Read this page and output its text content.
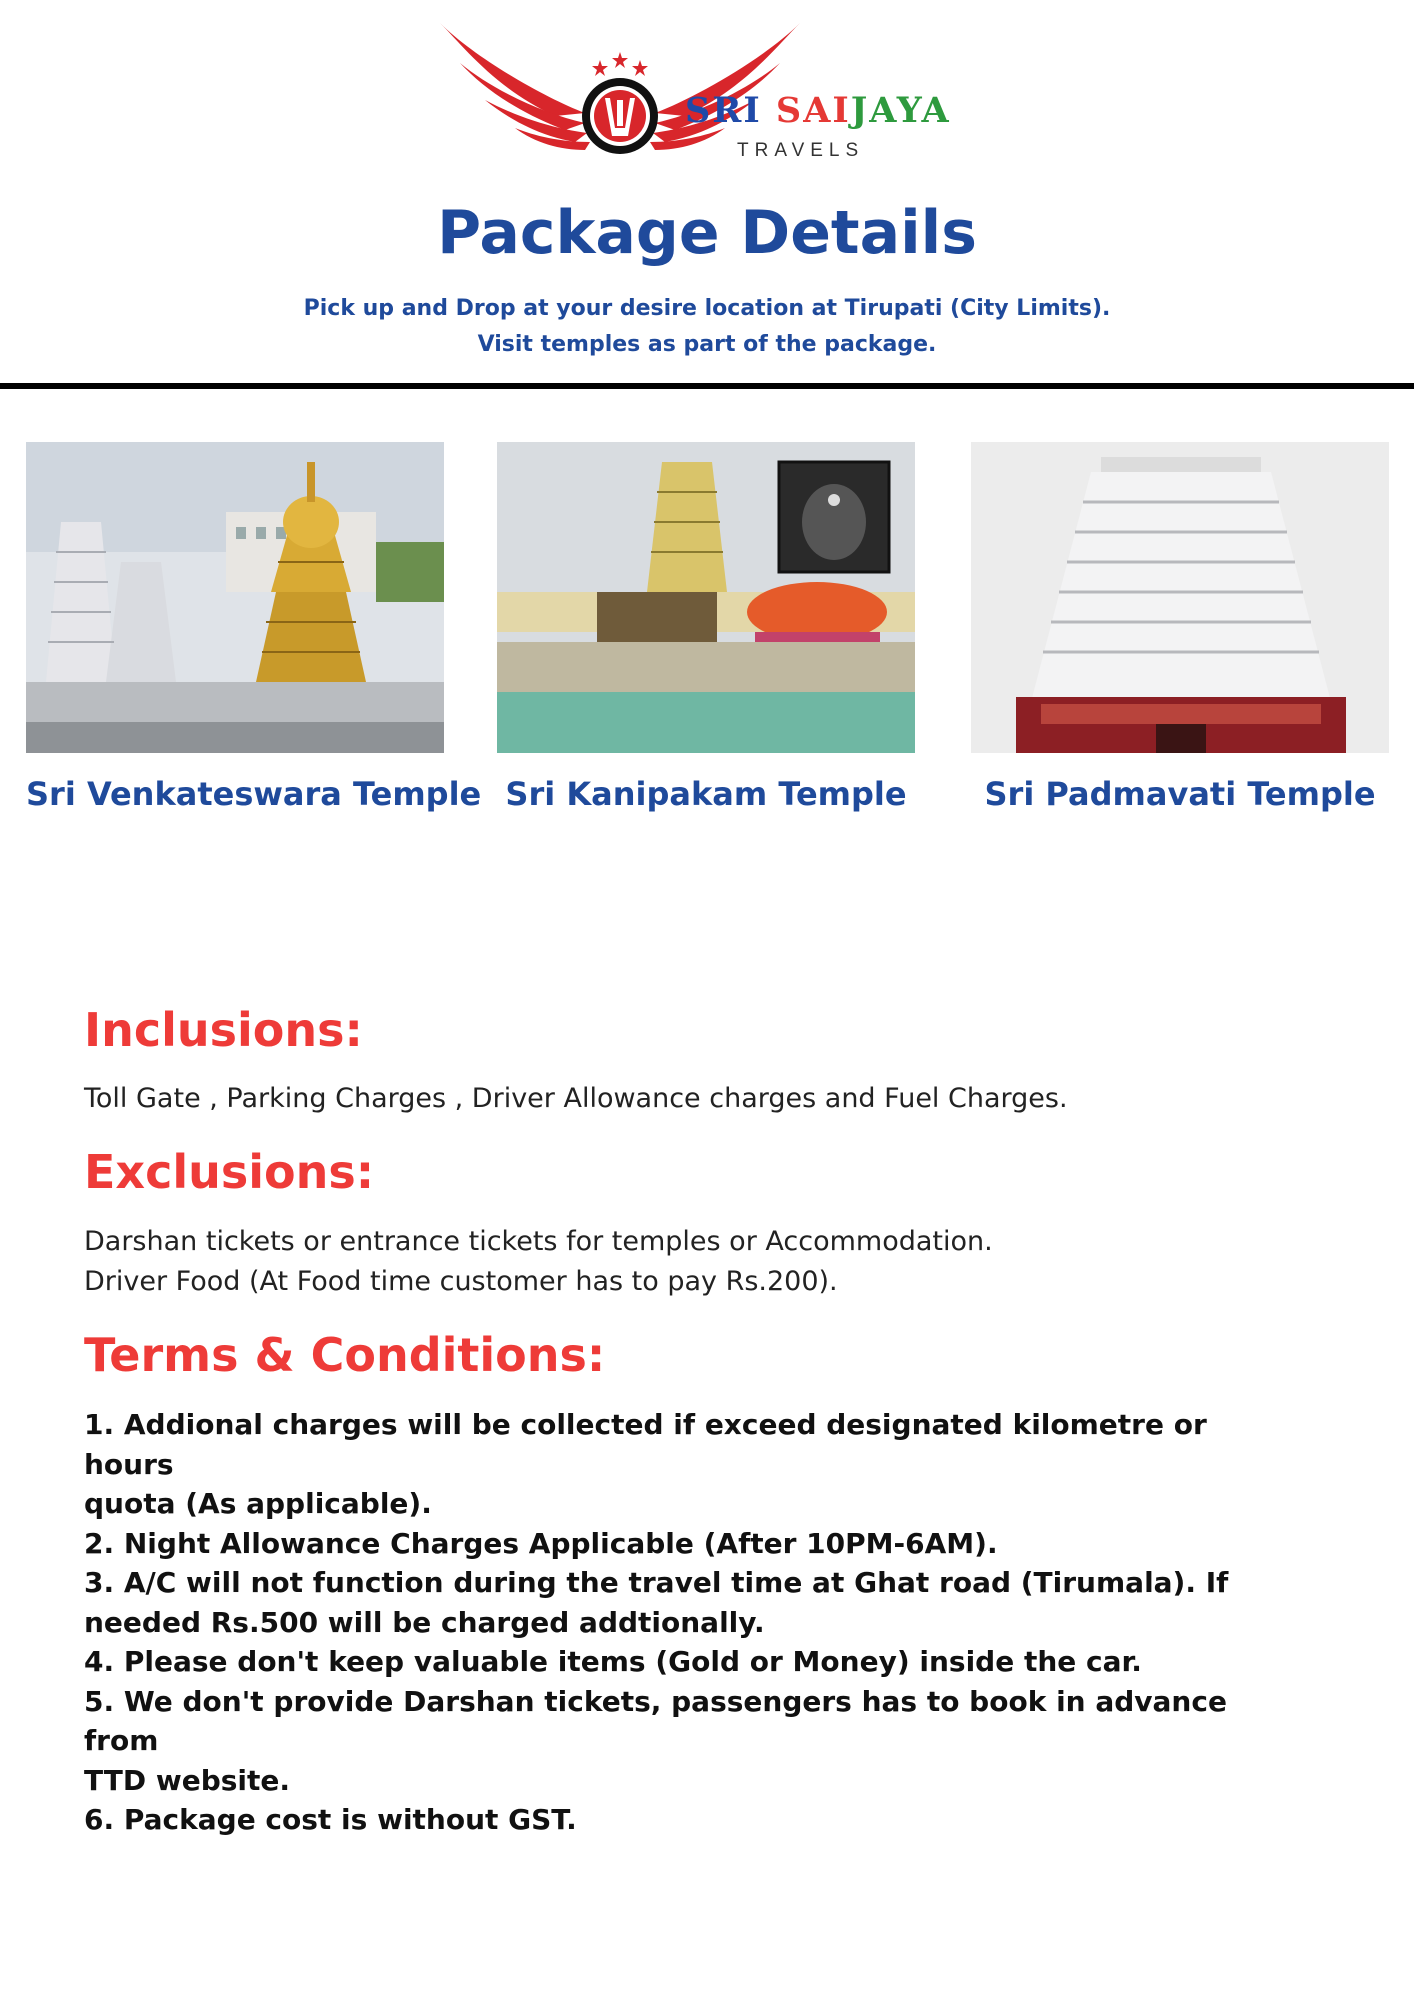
SRI SAIJAYA
TRAVELS
Package Details
Pick up and Drop at your desire location at Tirupati (City Limits).
Visit temples as part of the package.
Sri Venkateswara Temple Sri Kanipakam Temple	Sri Padmavati Temple
Inclusions:
Toll Gate , Parking Charges , Driver Allowance charges and Fuel Charges.
Exclusions:
Darshan tickets or entrance tickets for temples or Accommodation.
Driver Food (At Food time customer has to pay Rs.200).
Terms & Conditions:
1. Addional charges will be collected if exceed designated kilometre or hours
quota (As applicable).
2. Night Allowance Charges Applicable (After 10PM-6AM).
3. A/C will not function during the travel time at Ghat road (Tirumala). If
needed Rs.500 will be charged addtionally.
4. Please don't keep valuable items (Gold or Money) inside the car.
5. We don't provide Darshan tickets, passengers has to book in advance from
TTD website.
6. Package cost is without GST.
